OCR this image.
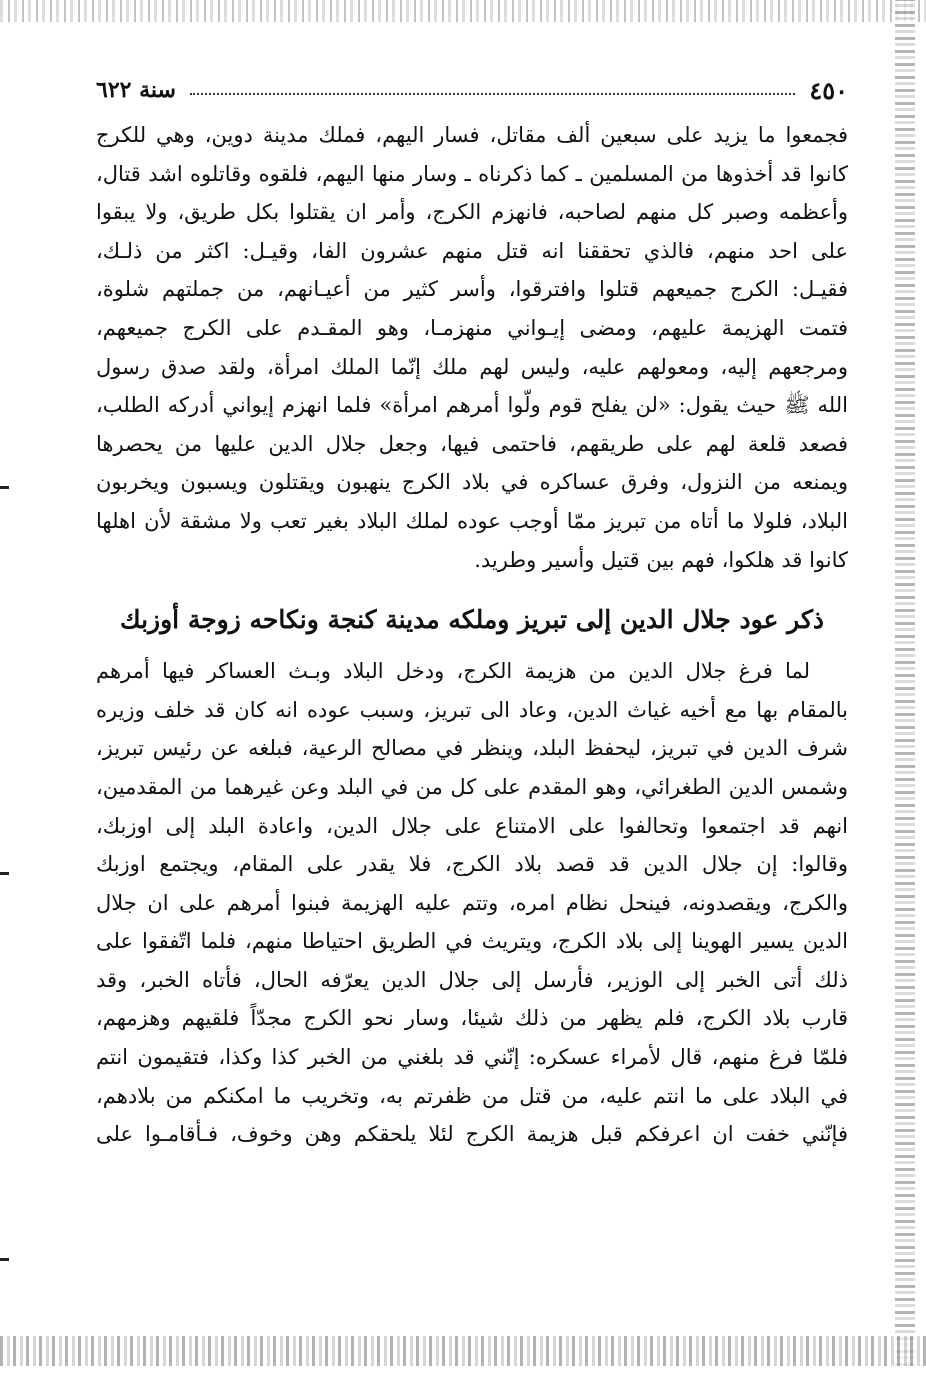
٤٥٠
سنة ٦٢٢
فجمعوا ما يزيد على سبعين ألف مقاتل، فسار اليهم، فملك مدينة دوين، وهي للكرج
كانوا قد أخذوها من المسلمين ـ كما ذكرناه ـ وسار منها اليهم، فلقوه وقاتلوه اشد قتال،
وأعظمه وصبر كل منهم لصاحبه، فانهزم الكرج، وأمر ان يقتلوا بكل طريق، ولا يبقوا
على احد منهم، فالذي تحققنا انه قتل منهم عشرون الفا، وقيـل: اكثر من ذلـك،
فقيـل: الكرج جميعهم قتلوا وافترقوا، وأسر كثير من أعيـانهم، من جملتهم شلوة،
فتمت الهزيمة عليهم، ومضى إيـواني منهزمـا، وهو المقـدم على الكرج جميعهم،
ومرجعهم إليه، ومعولهم عليه، وليس لهم ملك إنّما الملك امرأة، ولقد صدق رسول
الله ﷺ حيث يقول: «لن يفلح قوم ولّوا أمرهم امرأة» فلما انهزم إيواني أدركه الطلب،
فصعد قلعة لهم على طريقهم، فاحتمى فيها، وجعل جلال الدين عليها من يحصرها
ويمنعه من النزول، وفرق عساكره في بلاد الكرج ينهبون ويقتلون ويسبون ويخربون
البلاد، فلولا ما أتاه من تبريز ممّا أوجب عوده لملك البلاد بغير تعب ولا مشقة لأن اهلها
كانوا قد هلكوا، فهم بين قتيل وأسير وطريد.
ذكر عود جلال الدين إلى تبريز وملكه مدينة كنجة ونكاحه زوجة أوزبك
لما فرغ جلال الدين من هزيمة الكرج، ودخل البلاد وبـث العساكر فيها أمرهم
بالمقام بها مع أخيه غياث الدين، وعاد الى تبريز، وسبب عوده انه كان قد خلف وزيره
شرف الدين في تبريز، ليحفظ البلد، وينظر في مصالح الرعية، فبلغه عن رئيس تبريز،
وشمس الدين الطغرائي، وهو المقدم على كل من في البلد وعن غيرهما من المقدمين،
انهم قد اجتمعوا وتحالفوا على الامتناع على جلال الدين، واعادة البلد إلى اوزبك،
وقالوا: إن جلال الدين قد قصد بلاد الكرج، فلا يقدر على المقام، ويجتمع اوزبك
والكرج، ويقصدونه، فينحل نظام امره، وتتم عليه الهزيمة فبنوا أمرهم على ان جلال
الدين يسير الهوينا إلى بلاد الكرج، ويتريث في الطريق احتياطا منهم، فلما اتّفقوا على
ذلك أتى الخبر إلى الوزير، فأرسل إلى جلال الدين يعرّفه الحال، فأتاه الخبر، وقد
قارب بلاد الكرج، فلم يظهر من ذلك شيئا، وسار نحو الكرج مجدّاً فلقيهم وهزمهم،
فلمّا فرغ منهم، قال لأمراء عسكره: إنّني قد بلغني من الخبر كذا وكذا، فتقيمون انتم
في البلاد على ما انتم عليه، من قتل من ظفرتم به، وتخريب ما امكنكم من بلادهم،
فإنّني خفت ان اعرفكم قبل هزيمة الكرج لئلا يلحقكم وهن وخوف، فـأقامـوا على
